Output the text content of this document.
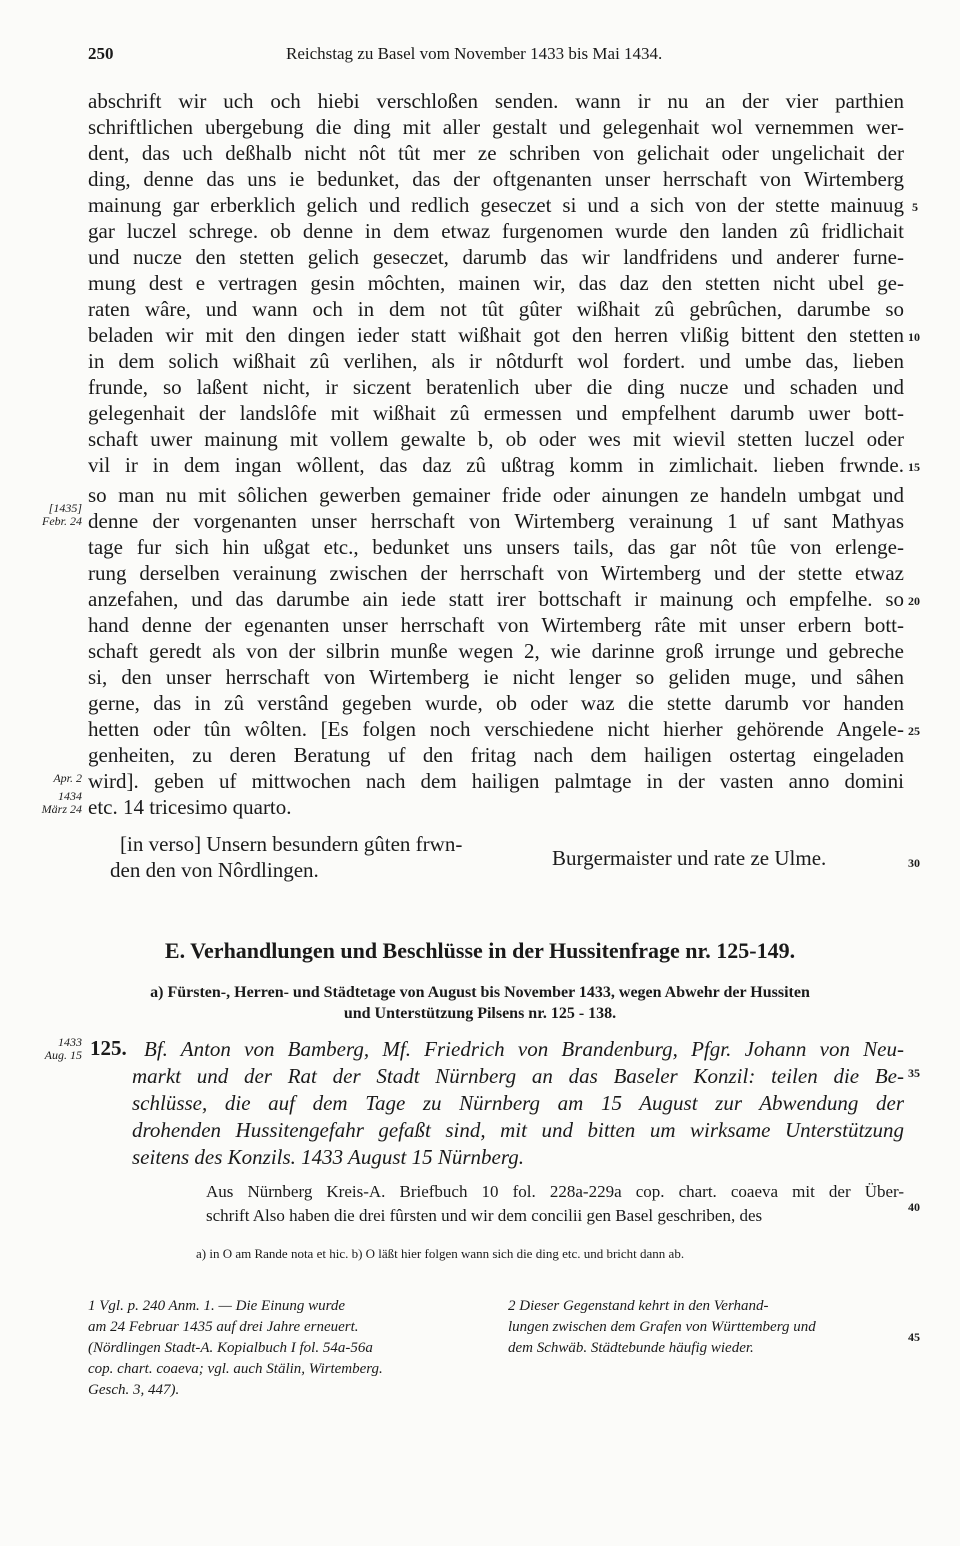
250	Reichstag zu Basel vom November 1433 bis Mai 1434.
abschrift wir uch och hiebi verschloßen senden. wann ir nu an der vier parthien
schriftlichen ubergebung die ding mit aller gestalt und gelegenhait wol vernemmen wer-
dent, das uch deßhalb nicht nôt tût mer ze schriben von gelichait oder ungelichait der
ding, denne das uns ie bedunket, das der oftgenanten unser herrschaft von Wirtemberg
mainung gar erberklich gelich und redlich geseczet si und a sich von der stette mainuug
gar luczel schrege. ob denne in dem etwaz furgenomen wurde den landen zû fridlichait
und nucze den stetten gelich geseczet, darumb das wir landfridens und anderer furne-
mung dest e vertragen gesin môchten, mainen wir, das daz den stetten nicht ubel ge-
raten wâre, und wann och in dem not tût gûter wißhait zû gebrûchen, darumbe so
beladen wir mit den dingen ieder statt wißhait got den herren vlißig bittent den stetten
in dem solich wißhait zû verlihen, als ir nôtdurft wol fordert. und umbe das, lieben
frunde, so laßent nicht, ir siczent beratenlich uber die ding nucze und schaden und
gelegenhait der landslôfe mit wißhait zû ermessen und empfelhent darumb uwer bott-
schaft uwer mainung mit vollem gewalte b, ob oder wes mit wievil stetten luczel oder
vil ir in dem ingan wôllent, das daz zû ußtrag komm in zimlichait. lieben frwnde.
so man nu mit sôlichen gewerben gemainer fride oder ainungen ze handeln umbgat und
denne der vorgenanten unser herrschaft von Wirtemberg verainung 1 uf sant Mathyas
tage fur sich hin ußgat etc., bedunket uns unsers tails, das gar nôt tûe von erlenge-
rung derselben verainung zwischen der herrschaft von Wirtemberg und der stette etwaz
anzefahen, und das darumbe ain iede statt irer bottschaft ir mainung och empfelhe. so
hand denne der egenanten unser herrschaft von Wirtemberg râte mit unser erbern bott-
schaft geredt als von der silbrin munße wegen 2, wie darinne groß irrunge und gebreche
si, den unser herrschaft von Wirtemberg ie nicht lenger so geliden muge, und sâhen
gerne, das in zû verstând gegeben wurde, ob oder waz die stette darumb vor handen
hetten oder tûn wôlten. [Es folgen noch verschiedene nicht hierher gehörende Angele-
genheiten, zu deren Beratung uf den fritag nach dem hailigen ostertag eingeladen
wird]. geben uf mittwochen nach dem hailigen palmtage in der vasten anno domini
etc. 14 tricesimo quarto.
5
10
15
20
25
30
35
40
45
[1435]
Febr. 24
Apr. 2
1434
März 24
1433
Aug. 15
[in verso] Unsern besundern gûten frwn-
den den von Nôrdlingen.	Burgermaister und rate ze Ulme.
E. Verhandlungen und Beschlüsse in der Hussitenfrage nr. 125-149.
a) Fürsten-, Herren- und Städtetage von August bis November 1433, wegen Abwehr der Hussiten
und Unterstützung Pilsens nr. 125 - 138.
125. Bf. Anton von Bamberg, Mf. Friedrich von Brandenburg, Pfgr. Johann von Neu-
markt und der Rat der Stadt Nürnberg an das Baseler Konzil: teilen die Be-
schlüsse, die auf dem Tage zu Nürnberg am 15 August zur Abwendung der
drohenden Hussitengefahr gefaßt sind, mit und bitten um wirksame Unterstützung
seitens des Konzils. 1433 August 15 Nürnberg.
Aus Nürnberg Kreis-A. Briefbuch 10 fol. 228a-229a cop. chart. coaeva mit der Über-
schrift Also haben die drei fûrsten und wir dem concilii gen Basel geschriben, des
a) in O am Rande nota et hic. b) O läßt hier folgen wann sich die ding etc. und bricht dann ab.
1 Vgl. p. 240 Anm. 1. — Die Einung wurde
am 24 Februar 1435 auf drei Jahre erneuert.
(Nördlingen Stadt-A. Kopialbuch I fol. 54a-56a
cop. chart. coaeva; vgl. auch Stälin, Wirtemberg.
Gesch. 3, 447).
2 Dieser Gegenstand kehrt in den Verhand-
lungen zwischen dem Grafen von Württemberg und
dem Schwäb. Städtebunde häufig wieder.
